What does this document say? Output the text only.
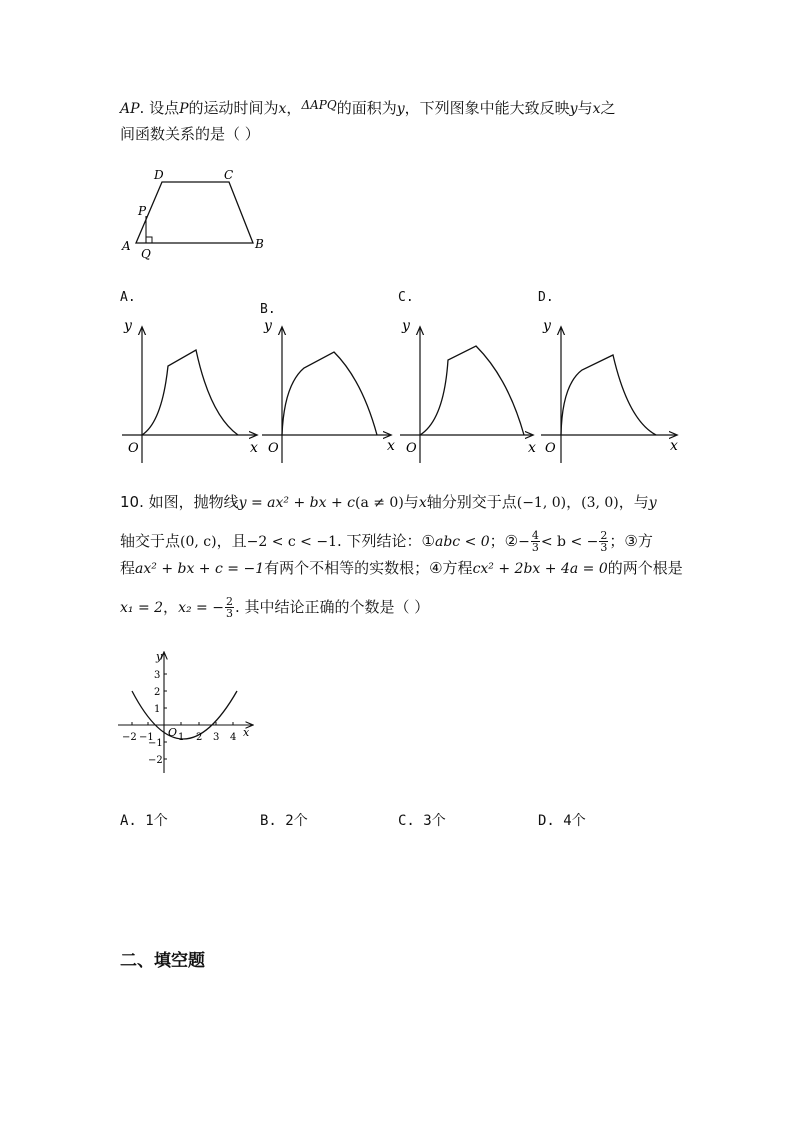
AP. 设点P的运动时间为x，$^{\Delta APQ}$的面积为y，下列图象中能大致反映y与x之
间函数关系的是（ ）
A	B
C
D
P
Q
A.
B.
C.	D.
y
x
O
y
x
O
y
x
O
y
x
O
10. 如图，抛物线y = ax² + bx + c(a ≠ 0)与x轴分别交于点(−1, 0)，(3, 0)，与y
轴交于点(0, c)，且−2 < c < −1. 下列结论：①abc < 0；②− $\frac{4}{3} < b$ < − $\frac{2}{3}$ ；③方
程ax² + bx + c = −1有两个不相等的实数根；④方程cx² + 2bx + 4a = 0的两个根是
x₁ = 2，x₂ = − $\frac{2}{3}$ . 其中结论正确的个数是（ ）
y
x
O
−2 −1 1 2 3 4
3
2
1
−1
−2
A. 1个	B. 2个	C. 3个	D. 4个
二、填空题
